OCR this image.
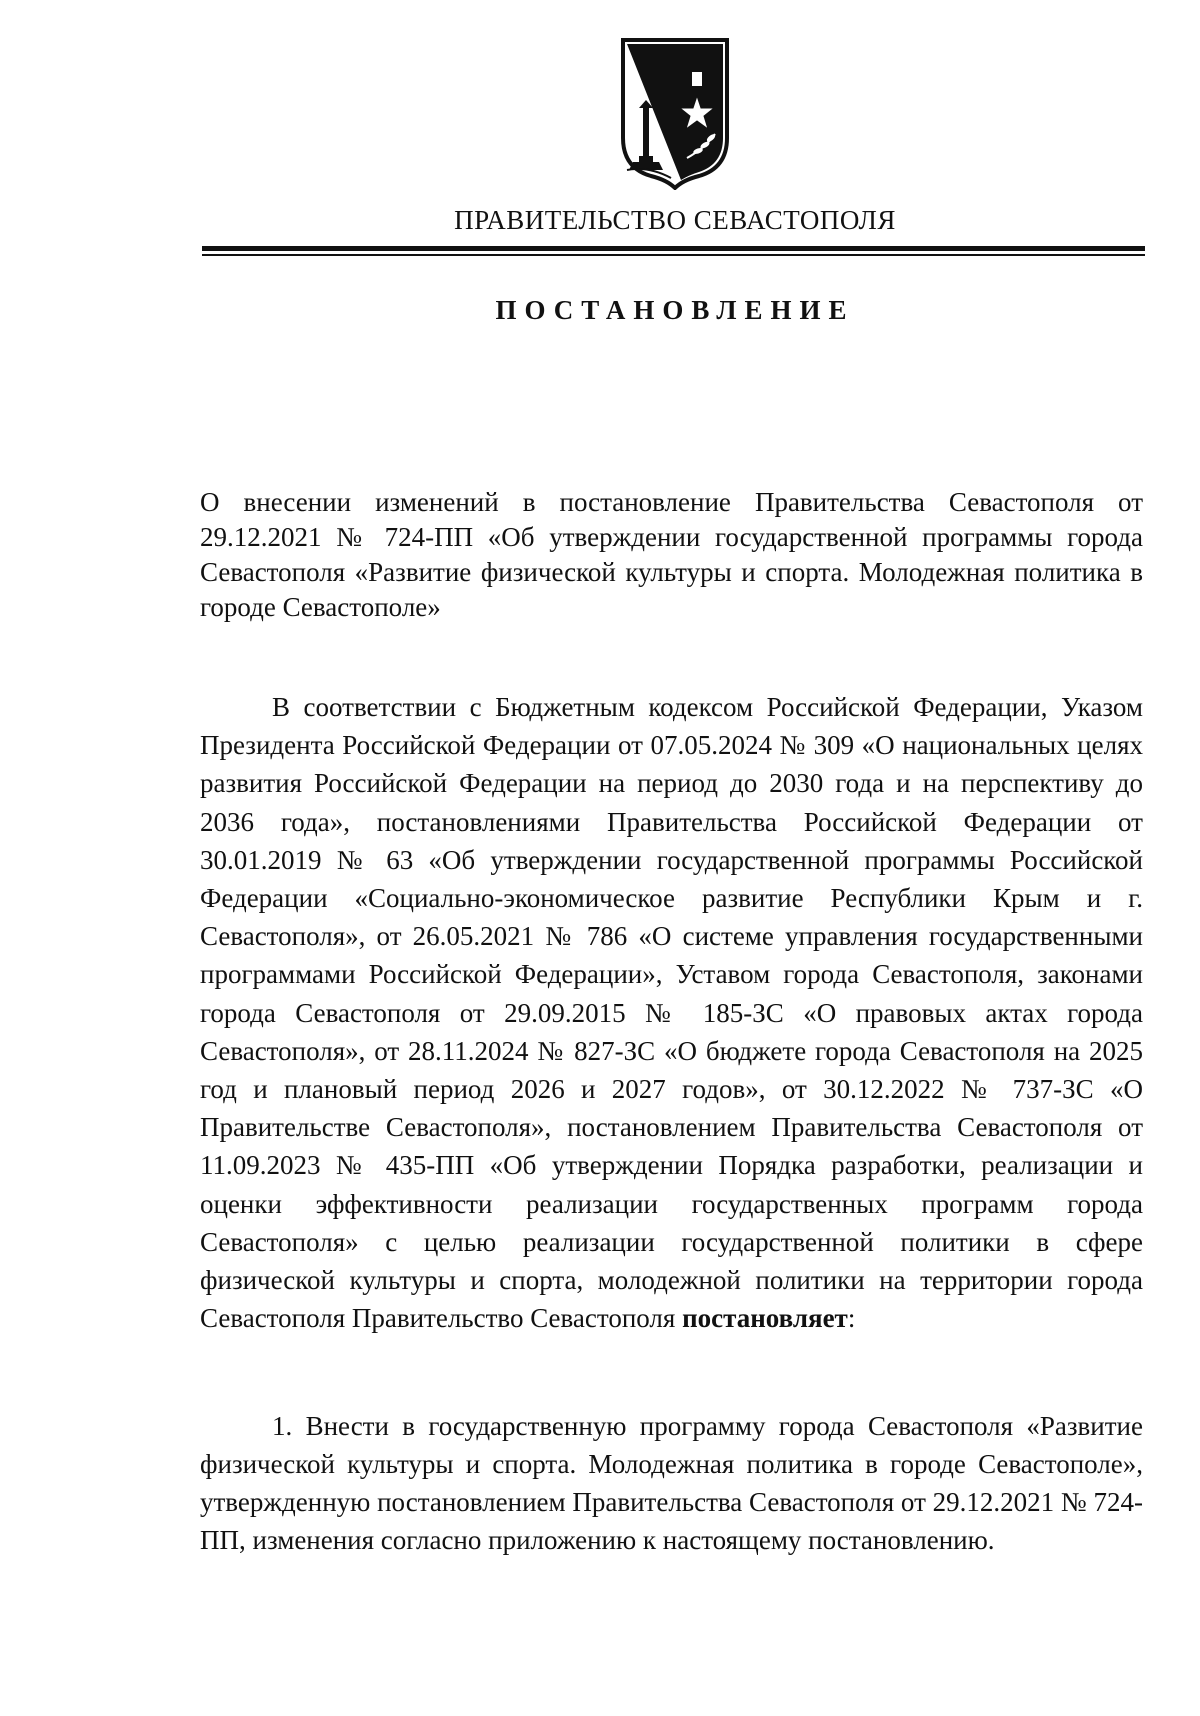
ПРАВИТЕЛЬСТВО СЕВАСТОПОЛЯ
ПОСТАНОВЛЕНИЕ
О внесении изменений в постановление Правительства Севастополя от 29.12.2021 № 724-ПП «Об утверждении государственной программы города Севастополя «Развитие физической культуры и спорта. Молодежная политика в городе Севастополе»
В соответствии с Бюджетным кодексом Российской Федерации, Указом Президента Российской Федерации от 07.05.2024 № 309 «О национальных целях развития Российской Федерации на период до 2030 года и на перспективу до 2036 года», постановлениями Правительства Российской Федерации от 30.01.2019 № 63 «Об утверждении государственной программы Российской Федерации «Социально-экономическое развитие Республики Крым и г. Севастополя», от 26.05.2021 № 786 «О системе управления государственными программами Российской Федерации», Уставом города Севастополя, законами города Севастополя от 29.09.2015 № 185-ЗС «О правовых актах города Севастополя», от 28.11.2024 № 827-ЗС «О бюджете города Севастополя на 2025 год и плановый период 2026 и 2027 годов», от 30.12.2022 № 737-ЗС «О Правительстве Севастополя», постановлением Правительства Севастополя от 11.09.2023 № 435-ПП «Об утверждении Порядка разработки, реализации и оценки эффективности реализации государственных программ города Севастополя» с целью реализации государственной политики в сфере физической культуры и спорта, молодежной политики на территории города Севастополя Правительство Севастополя постановляет:
1. Внести в государственную программу города Севастополя «Развитие физической культуры и спорта. Молодежная политика в городе Севастополе», утвержденную постановлением Правительства Севастополя от 29.12.2021 № 724-ПП, изменения согласно приложению к настоящему постановлению.
